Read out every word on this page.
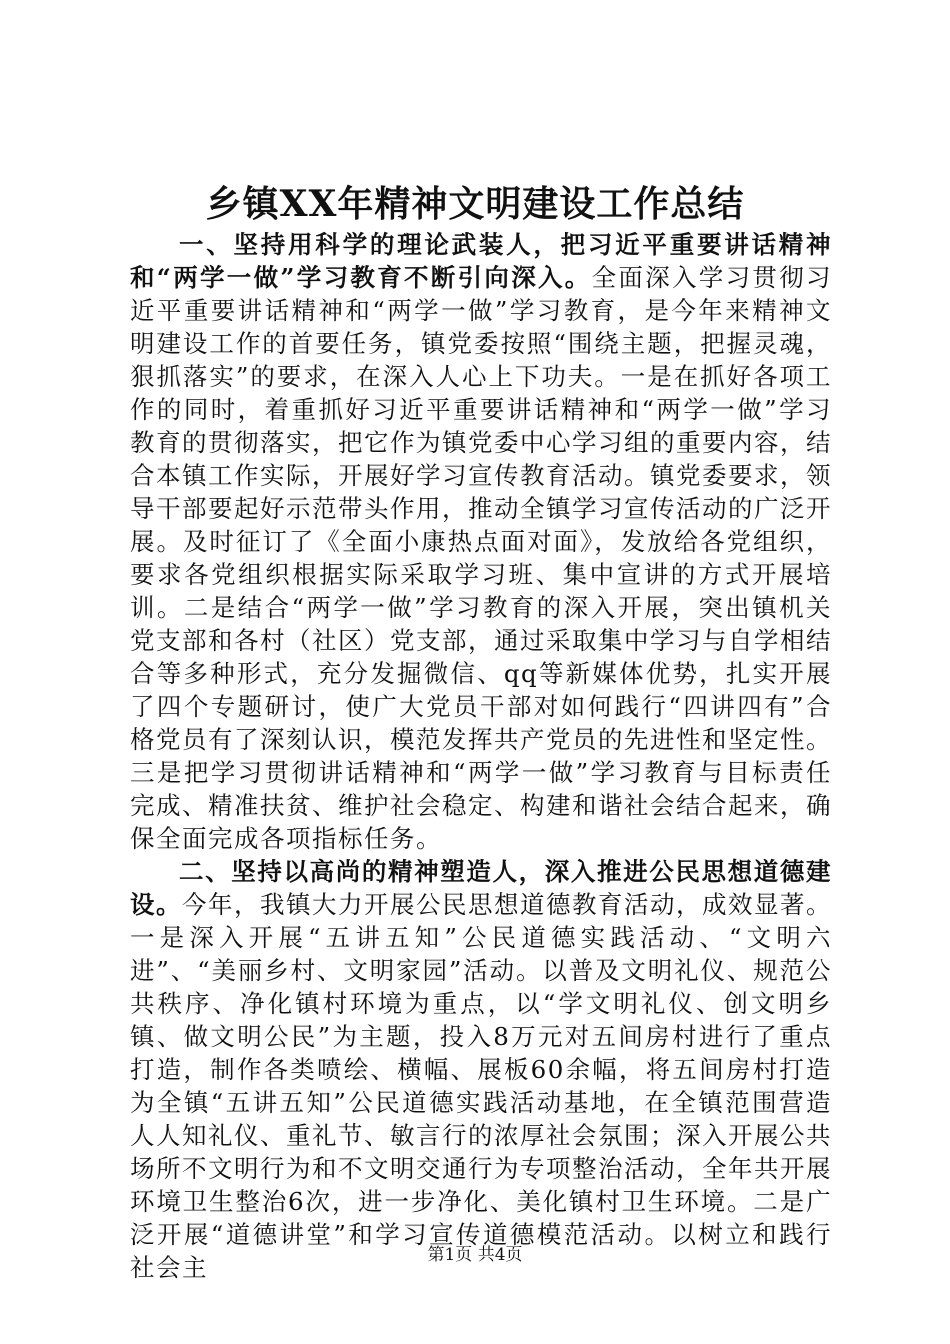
乡镇XX年精神文明建设工作总结

一、坚持用科学的理论武装人，把习近平重要讲话精神和“两学一做”学习教育不断引向深入。全面深入学习贯彻习近平重要讲话精神和“两学一做”学习教育，是今年来精神文明建设工作的首要任务，镇党委按照“围绕主题，把握灵魂，狠抓落实”的要求，在深入人心上下功夫。一是在抓好各项工作的同时，着重抓好习近平重要讲话精神和“两学一做”学习教育的贯彻落实，把它作为镇党委中心学习组的重要内容，结合本镇工作实际，开展好学习宣传教育活动。镇党委要求，领导干部要起好示范带头作用，推动全镇学习宣传活动的广泛开展。及时征订了《全面小康热点面对面》，发放给各党组织，要求各党组织根据实际采取学习班、集中宣讲的方式开展培训。二是结合“两学一做”学习教育的深入开展，突出镇机关党支部和各村（社区）党支部，通过采取集中学习与自学相结合等多种形式，充分发掘微信、qq等新媒体优势，扎实开展了四个专题研讨，使广大党员干部对如何践行“四讲四有”合格党员有了深刻认识，模范发挥共产党员的先进性和坚定性。三是把学习贯彻讲话精神和“两学一做”学习教育与目标责任完成、精准扶贫、维护社会稳定、构建和谐社会结合起来，确保全面完成各项指标任务。

二、坚持以高尚的精神塑造人，深入推进公民思想道德建设。今年，我镇大力开展公民思想道德教育活动，成效显著。一是深入开展“五讲五知”公民道德实践活动、“文明六进”、“美丽乡村、文明家园”活动。以普及文明礼仪、规范公共秩序、净化镇村环境为重点，以“学文明礼仪、创文明乡镇、做文明公民”为主题，投入8万元对五间房村进行了重点打造，制作各类喷绘、横幅、展板60余幅，将五间房村打造为全镇“五讲五知”公民道德实践活动基地，在全镇范围营造人人知礼仪、重礼节、敏言行的浓厚社会氛围；深入开展公共场所不文明行为和不文明交通行为专项整治活动，全年共开展环境卫生整治6次，进一步净化、美化镇村卫生环境。二是广泛开展“道德讲堂”和学习宣传道德模范活动。以树立和践行社会主	第1页 共4页
